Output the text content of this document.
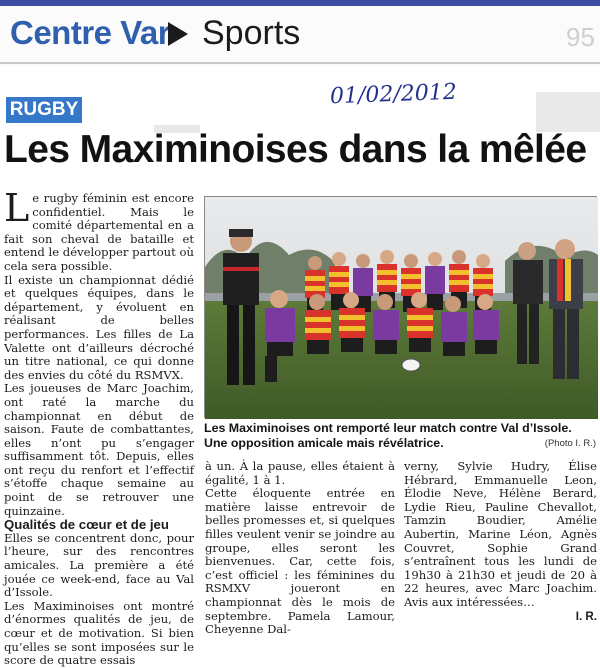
Centre Var Sports	95
01/02/2012
RUGBY
Les Maximinoises dans la mêlée

Le rugby féminin est encore confidentiel. Mais le comité départemental en a fait son cheval de bataille et entend le développer partout où cela sera possible.

Il existe un championnat dédié et quelques équipes, dans le département, y évoluent en réalisant de belles performances. Les filles de La Valette ont d’ailleurs décroché un titre national, ce qui donne des envies du côté du RSMVX.

Les joueuses de Marc Joachim, ont raté la marche du championnat en début de saison. Faute de combattantes, elles n’ont pu s’engager suffisamment tôt. Depuis, elles ont reçu du renfort et l’effectif s’étoffe chaque semaine au point de se retrouver une quinzaine.

Qualités de cœur et de jeu

Elles se concentrent donc, pour l’heure, sur des rencontres amicales. La première a été jouée ce week-end, face au Val d’Issole.

Les Maximinoises ont montré d’énormes qualités de jeu, de cœur et de motivation. Si bien qu’elles se sont imposées sur le score de quatre essais

Les Maximinoises ont remporté leur match contre Val d’Issole. Une opposition amicale mais révélatrice.	(Photo I. R.)

à un. À la pause, elles étaient à égalité, 1 à 1.

Cette éloquente entrée en matière laisse entrevoir de belles promesses et, si quelques filles veulent venir se joindre au groupe, elles seront les bienvenues. Car, cette fois, c’est officiel : les féminines du RSMXV joueront en championnat dès le mois de septembre. Pamela Lamour, Cheyenne Dal-

verny, Sylvie Hudry, Élise Hébrard, Emmanuelle Leon, Élodie Neve, Hélène Berard, Lydie Rieu, Pauline Chevallot, Tamzin Boudier, Amélie Aubertin, Marine Léon, Agnès Couvret, Sophie Grand s’entraînent tous les lundi de 19h30 à 21h30 et jeudi de 20 à 22 heures, avec Marc Joachim. Avis aux intéressées…

I. R.
